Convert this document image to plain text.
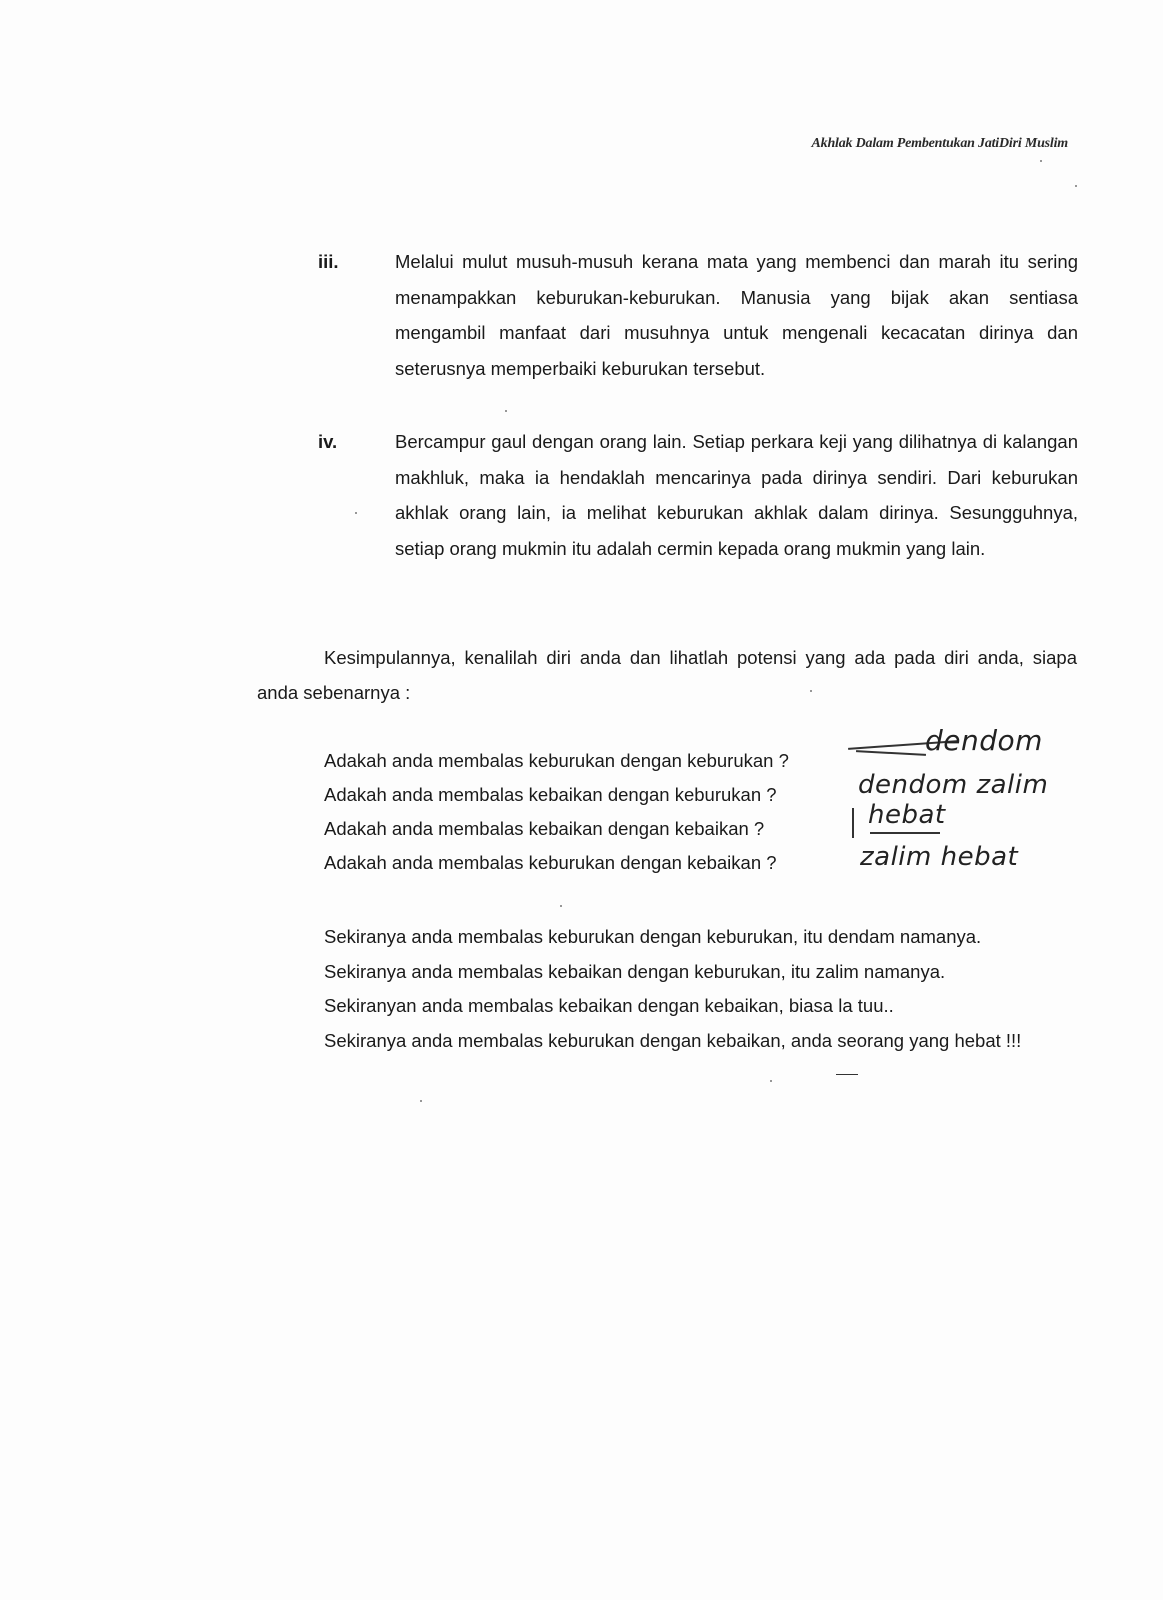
Akhlak Dalam Pembentukan JatiDiri Muslim
iii.	Melalui mulut musuh-musuh kerana mata yang membenci dan marah itu sering menampakkan keburukan-keburukan. Manusia yang bijak akan sentiasa mengambil manfaat dari musuhnya untuk mengenali kecacatan dirinya dan seterusnya memperbaiki keburukan tersebut.
iv.	Bercampur gaul dengan orang lain. Setiap perkara keji yang dilihatnya di kalangan makhluk, maka ia hendaklah mencarinya pada dirinya sendiri. Dari keburukan akhlak orang lain, ia melihat keburukan akhlak dalam dirinya. Sesungguhnya, setiap orang mukmin itu adalah cermin kepada orang mukmin yang lain.
Kesimpulannya, kenalilah diri anda dan lihatlah potensi yang ada pada diri anda, siapa anda sebenarnya :
Adakah anda membalas keburukan dengan keburukan ?
Adakah anda membalas kebaikan dengan keburukan ?
Adakah anda membalas kebaikan dengan kebaikan ?
Adakah anda membalas keburukan dengan kebaikan ?
dendom
dendom zalim
hebat
zalim hebat
Sekiranya anda membalas keburukan dengan keburukan, itu dendam namanya.
Sekiranya anda membalas kebaikan dengan keburukan, itu zalim namanya.
Sekiranyan anda membalas kebaikan dengan kebaikan, biasa la tuu..
Sekiranya anda membalas keburukan dengan kebaikan, anda seorang yang hebat !!!
